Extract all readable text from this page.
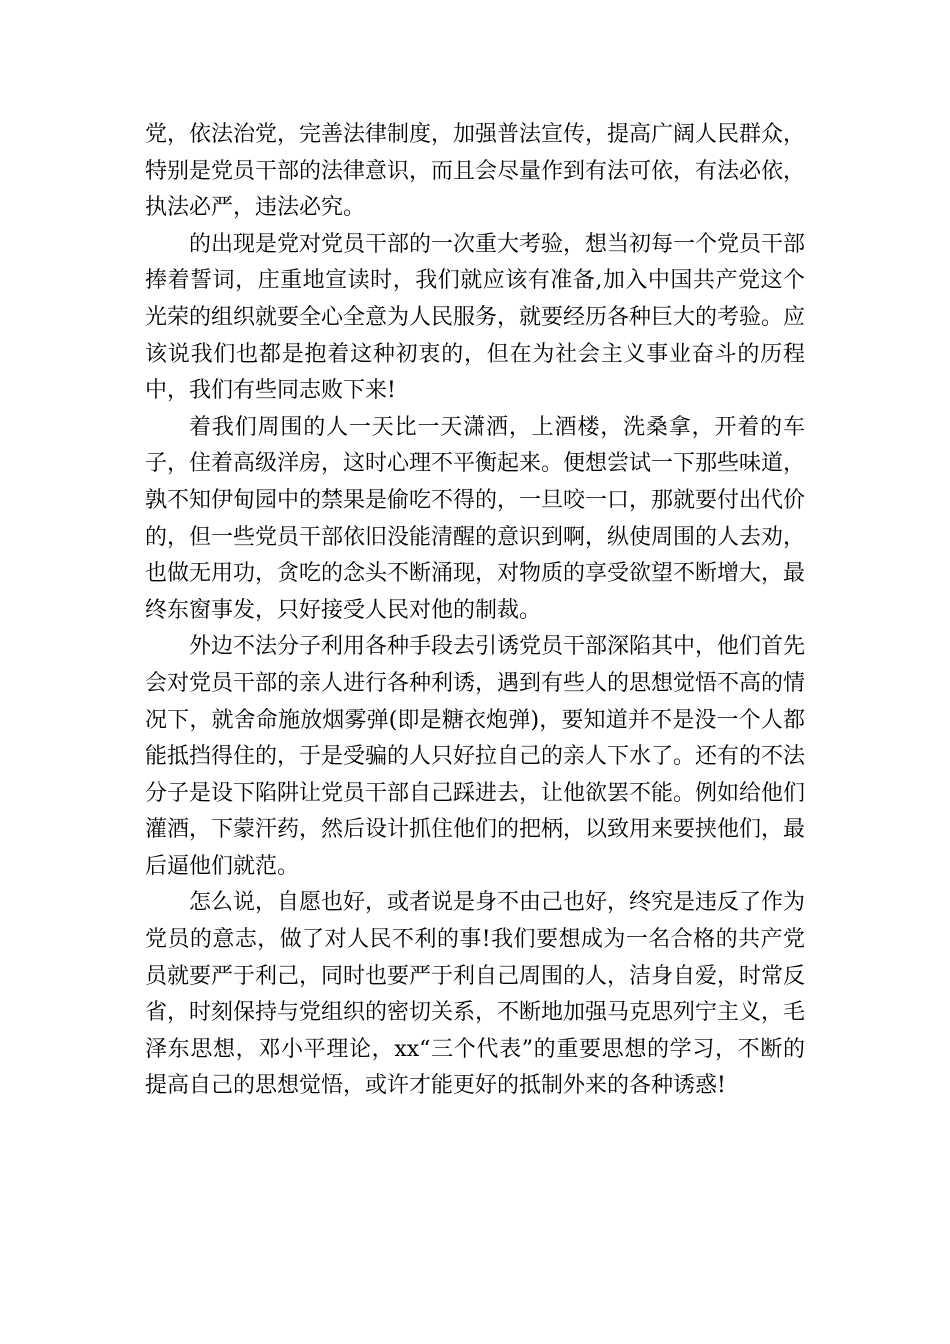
党，依法治党，完善法律制度，加强普法宣传，提高广阔人民群众，特别是党员干部的法律意识，而且会尽量作到有法可依，有法必依，执法必严，违法必究。

的出现是党对党员干部的一次重大考验，想当初每一个党员干部捧着誓词，庄重地宣读时，我们就应该有准备,加入中国共产党这个光荣的组织就要全心全意为人民服务，就要经历各种巨大的考验。应该说我们也都是抱着这种初衷的，但在为社会主义事业奋斗的历程中，我们有些同志败下来!

着我们周围的人一天比一天潇洒，上酒楼，洗桑拿，开着的车子，住着高级洋房，这时心理不平衡起来。便想尝试一下那些味道，孰不知伊甸园中的禁果是偷吃不得的，一旦咬一口，那就要付出代价的，但一些党员干部依旧没能清醒的意识到啊，纵使周围的人去劝，也做无用功，贪吃的念头不断涌现，对物质的享受欲望不断增大，最终东窗事发，只好接受人民对他的制裁。

外边不法分子利用各种手段去引诱党员干部深陷其中，他们首先会对党员干部的亲人进行各种利诱，遇到有些人的思想觉悟不高的情况下，就舍命施放烟雾弹(即是糖衣炮弹)，要知道并不是没一个人都能抵挡得住的，于是受骗的人只好拉自己的亲人下水了。还有的不法分子是设下陷阱让党员干部自己踩进去，让他欲罢不能。例如给他们灌酒，下蒙汗药，然后设计抓住他们的把柄，以致用来要挟他们，最后逼他们就范。

怎么说，自愿也好，或者说是身不由己也好，终究是违反了作为党员的意志，做了对人民不利的事!我们要想成为一名合格的共产党员就要严于利己，同时也要严于利自己周围的人，洁身自爱，时常反省，时刻保持与党组织的密切关系，不断地加强马克思列宁主义，毛泽东思想，邓小平理论，xx“三个代表”的重要思想的学习，不断的提高自己的思想觉悟，或许才能更好的抵制外来的各种诱惑!
